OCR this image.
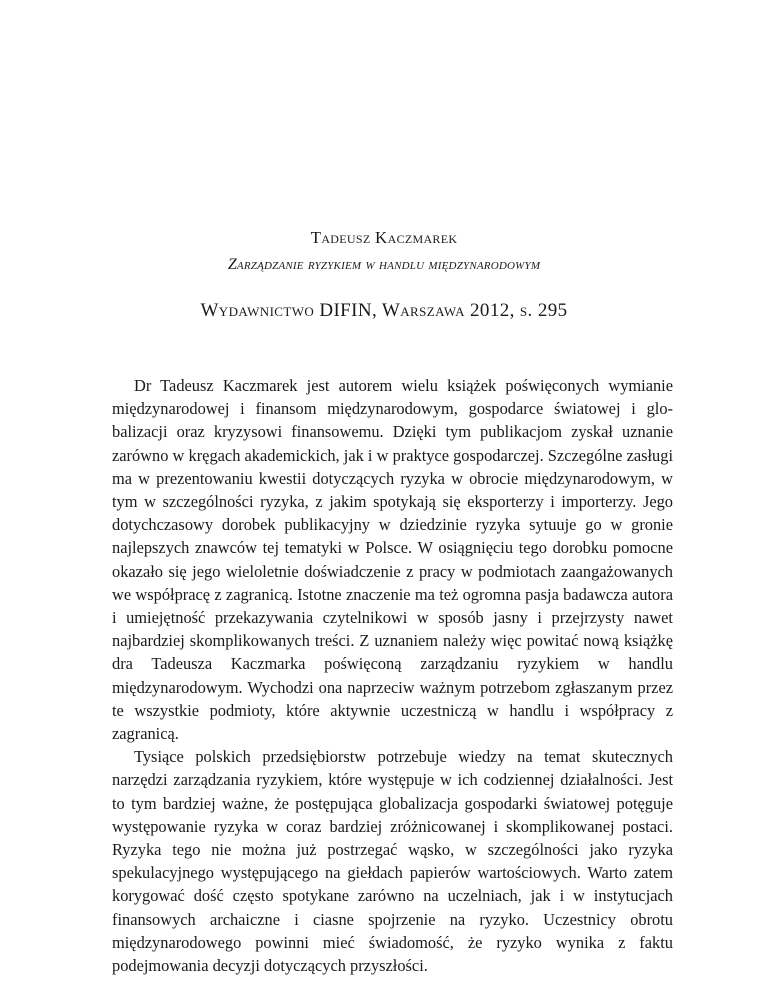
Tadeusz Kaczmarek
Zarządzanie ryzykiem w handlu międzynarodowym
Wydawnictwo DIFIN, Warszawa 2012, s. 295

Dr Tadeusz Kaczmarek jest autorem wielu książek poświęconych wymianie międzynarodowej i finansom międzynarodowym, gospodarce światowej i globalizacji oraz kryzysowi finansowemu. Dzięki tym publikacjom zyskał uznanie zarówno w kręgach akademickich, jak i w praktyce gospodarczej. Szczególne zasługi ma w prezentowaniu kwestii dotyczących ryzyka w obrocie międzynarodowym, w tym w szczególności ryzyka, z jakim spotykają się eksporterzy i importerzy. Jego dotychczasowy dorobek publikacyjny w dziedzinie ryzyka sytuuje go w gronie najlepszych znawców tej tematyki w Polsce. W osiągnięciu tego dorobku pomocne okazało się jego wieloletnie doświadczenie z pracy w podmiotach zaangażowanych we współpracę z zagranicą. Istotne znaczenie ma też ogromna pasja badawcza autora i umiejętność przekazywania czytelnikowi w sposób jasny i przejrzysty nawet najbardziej skomplikowanych treści. Z uznaniem należy więc powitać nową książkę dra Tadeusza Kaczmarka poświęconą zarządzaniu ryzykiem w handlu międzynarodowym. Wychodzi ona naprzeciw ważnym potrzebom zgłaszanym przez te wszystkie podmioty, które aktywnie uczestniczą w handlu i współpracy z zagranicą.

Tysiące polskich przedsiębiorstw potrzebuje wiedzy na temat skutecznych narzędzi zarządzania ryzykiem, które występuje w ich codziennej działalności. Jest to tym bardziej ważne, że postępująca globalizacja gospodarki światowej potęguje występowanie ryzyka w coraz bardziej zróżnicowanej i skomplikowanej postaci. Ryzyka tego nie można już postrzegać wąsko, w szczególności jako ryzyka spekulacyjnego występującego na giełdach papierów wartościowych. Warto zatem korygować dość często spotykane zarówno na uczelniach, jak i w instytucjach finansowych archaiczne i ciasne spojrzenie na ryzyko. Uczestnicy obrotu międzynarodowego powinni mieć świadomość, że ryzyko wynika z faktu podejmowania decyzji dotyczących przyszłości.
